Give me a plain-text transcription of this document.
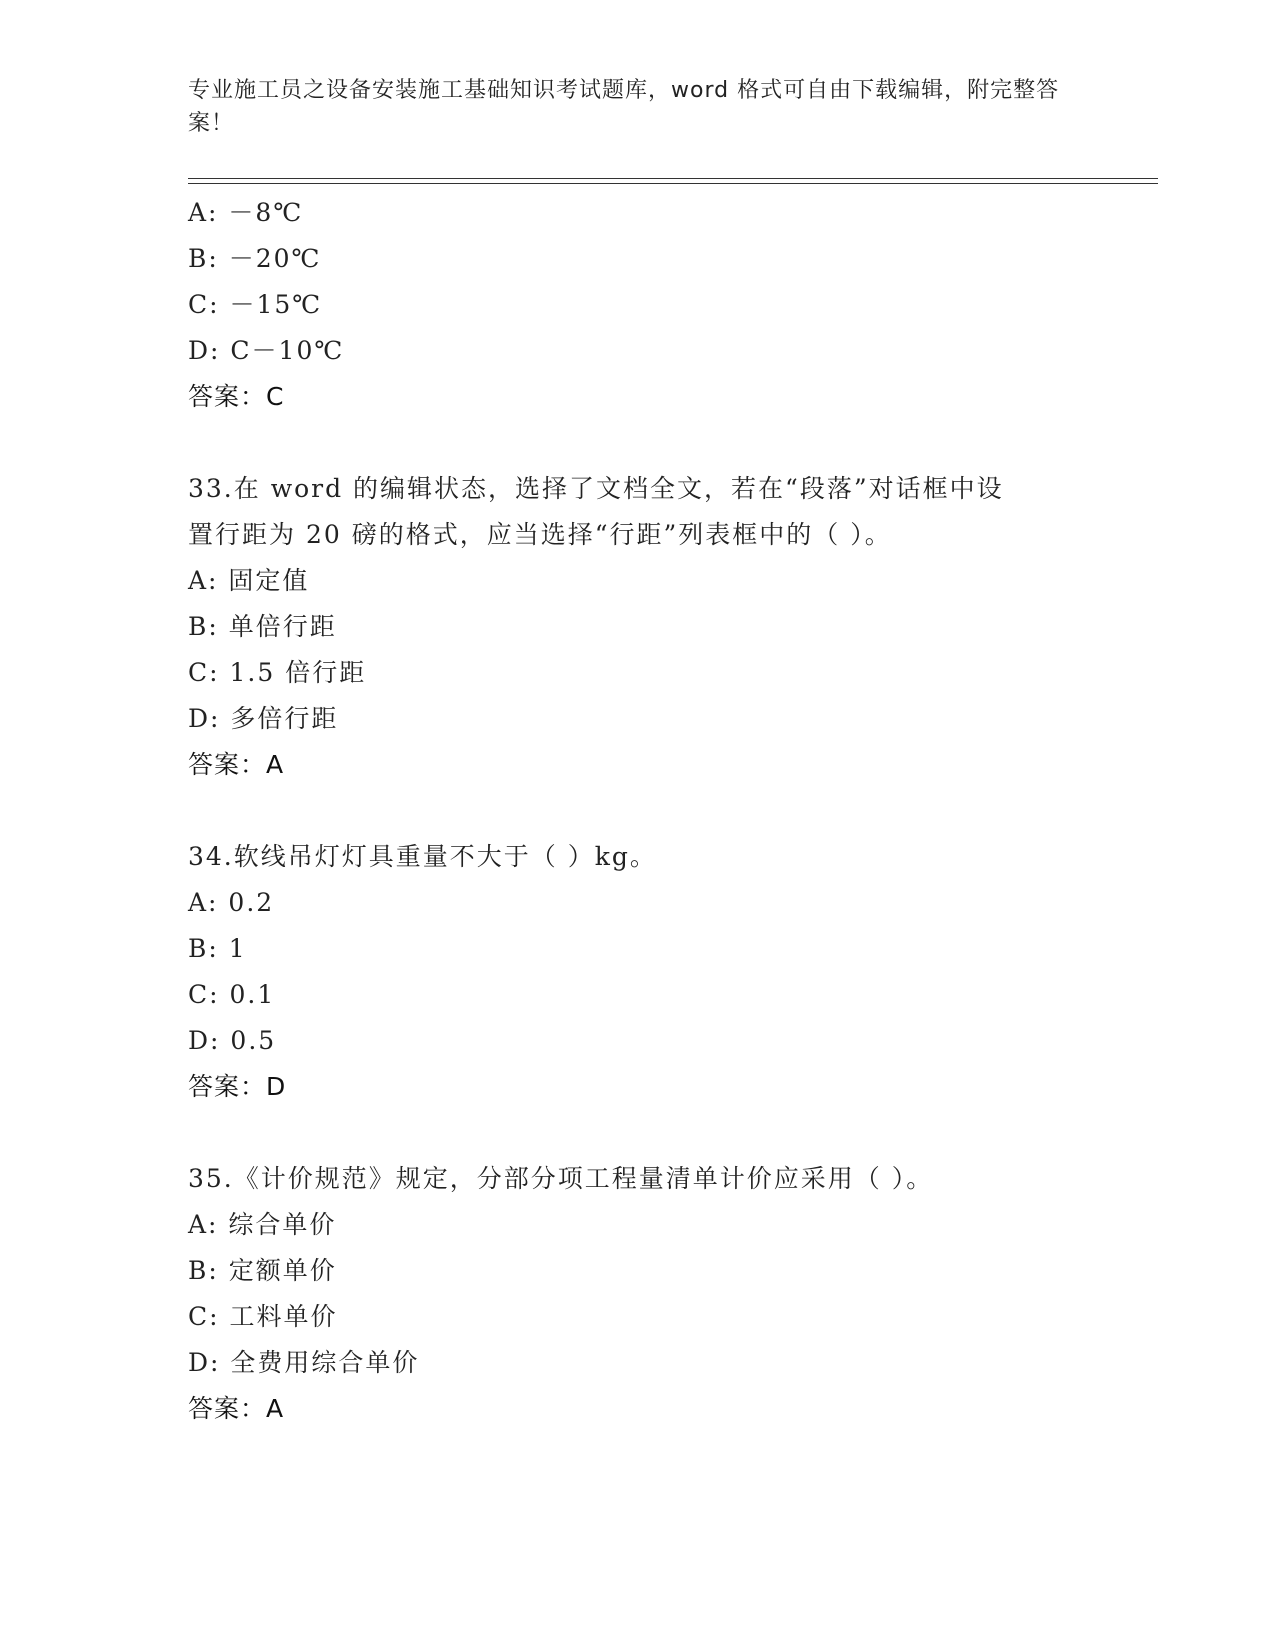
专业施工员之设备安装施工基础知识考试题库，word 格式可自由下载编辑，附完整答案！
A: －8℃
B: －20℃
C: －15℃
D: C－10℃
答案：C
33.在 word 的编辑状态，选择了文档全文，若在“段落”对话框中设
置行距为 20 磅的格式，应当选择“行距”列表框中的（ ）。
A: 固定值
B: 单倍行距
C: 1.5 倍行距
D: 多倍行距
答案：A
34.软线吊灯灯具重量不大于（ ）kg。
A: 0.2
B: 1
C: 0.1
D: 0.5
答案：D
35.《计价规范》规定，分部分项工程量清单计价应采用（ ）。
A: 综合单价
B: 定额单价
C: 工料单价
D: 全费用综合单价
答案：A
